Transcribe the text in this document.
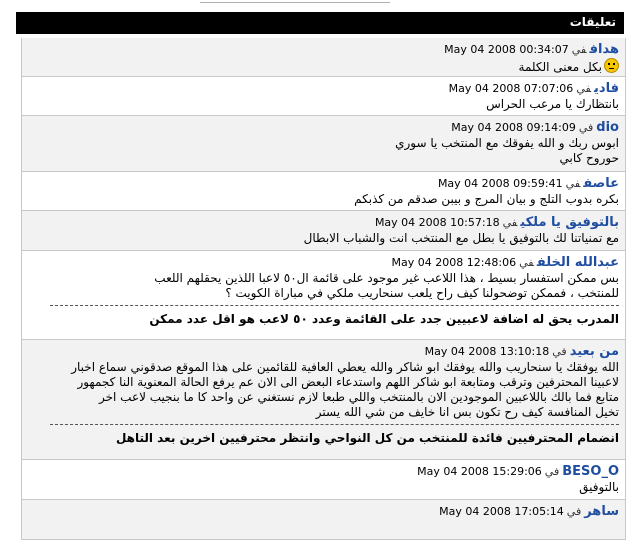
تعليقات
هداففيMay 04 2008 00:34:07
بكل معنى الكلمة
فاديفيMay 04 2008 07:07:06
بانتظارك يا مرعب الحراس
dioفيMay 04 2008 09:14:09
ابوس ربك و الله يفوقك مع المنتخب يا سوري
حوروح كابي
عاصففيMay 04 2008 09:59:41
بكره بدوب التلج و بيان المرج و بيبن صدقم من كذبكم
بالتوفيق يا ملكيفيMay 04 2008 10:57:18
مع تمنياتنا لك بالتوفيق يا بطل مع المنتخب انت والشباب الابطال
عبدالله الخلففيMay 04 2008 12:48:06
بس ممكن استفسار بسيط ، هذا اللاعب غير موجود على قائمة ال٥٠ لاعبا اللذين يحقلهم اللعب
للمنتخب ، فممكن توضحولنا كيف راح يلعب سنحاريب ملكي في مباراة الكويت ؟
المدرب يحق له اضافة لاعبيين جدد على القائمة وعدد ٥٠ لاعب هو اقل عدد ممكن
من بعيدفيMay 04 2008 13:10:18
الله يوفقك يا سنحاريب والله يوفقك ابو شاكر والله يعطي العافية للقائمين على هذا الموقع صدقوني سماع اخبار
لاعبينا المحترفين وترقب ومتابعة ابو شاكر اللهم واستدعاء البعض الى الان عم يرفع الحالة المعنوية النا كجمهور
متابع فما بالك باللاعبين الموجودين الان بالمنتخب واللي طبعا لازم نستغني عن واحد كا ما بنجيب لاعب اخر
تخيل المنافسة كيف رح تكون بس انا خايف من شي الله يستر
انضمام المحترفيين فائدة للمنتخب من كل النواحي وانتظر محترفيين اخرين بعد التاهل
BESO_OفيMay 04 2008 15:29:06
بالتوفيق
ساهرفيMay 04 2008 17:05:14
